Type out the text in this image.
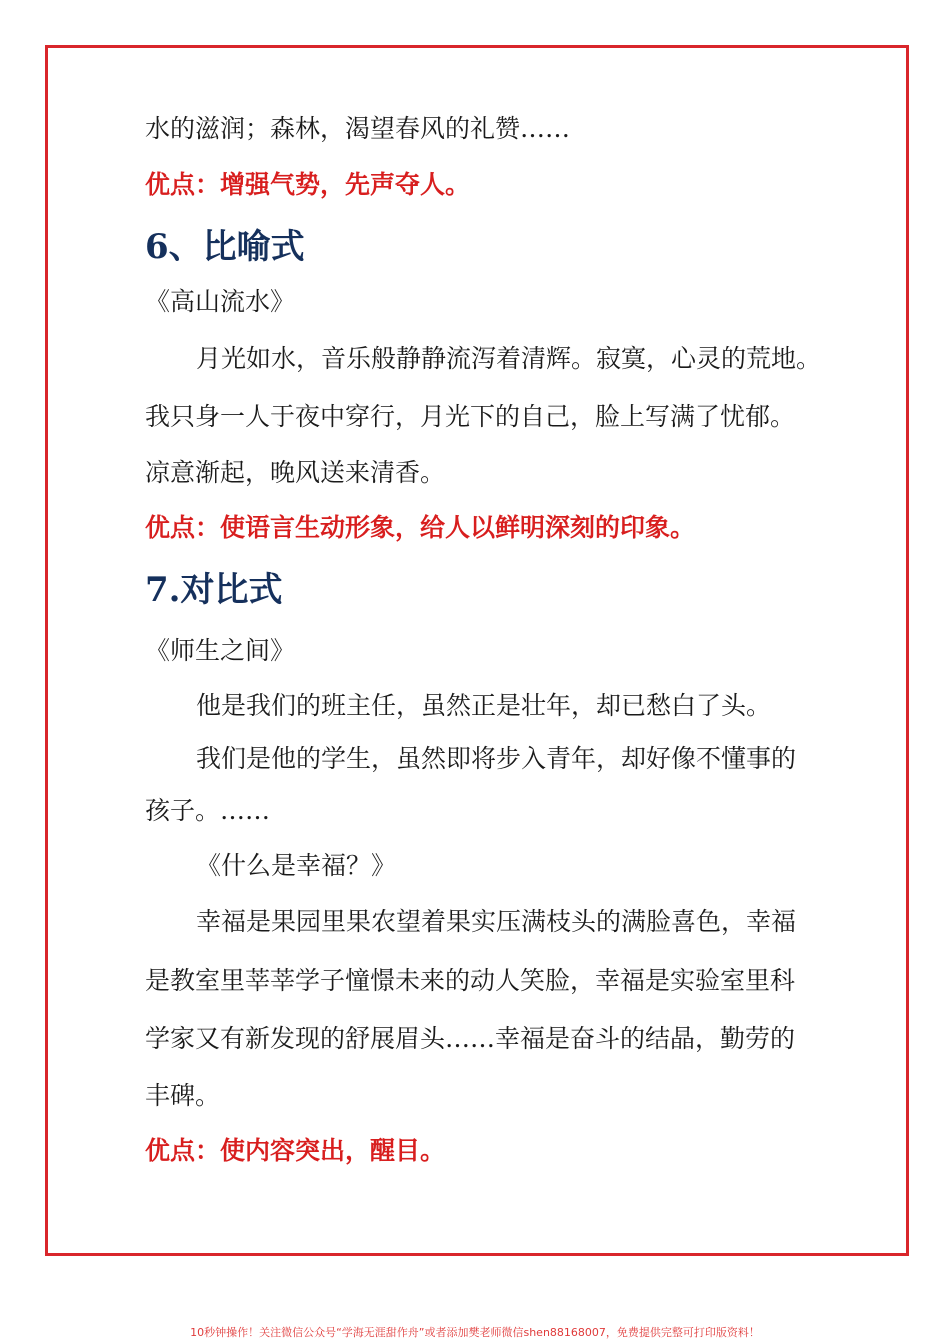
水的滋润；森林，渴望春风的礼赞……
优点：增强气势，先声夺人。
6、比喻式
《高山流水》
月光如水，音乐般静静流泻着清辉。寂寞，心灵的荒地。
我只身一人于夜中穿行，月光下的自己，脸上写满了忧郁。
凉意渐起，晚风送来清香。
优点：使语言生动形象，给人以鲜明深刻的印象。
7.对比式
《师生之间》
他是我们的班主任，虽然正是壮年，却已愁白了头。
我们是他的学生，虽然即将步入青年，却好像不懂事的
孩子。……
《什么是幸福？》
幸福是果园里果农望着果实压满枝头的满脸喜色，幸福
是教室里莘莘学子憧憬未来的动人笑脸，幸福是实验室里科
学家又有新发现的舒展眉头……幸福是奋斗的结晶，勤劳的
丰碑。
优点：使内容突出，醒目。
10秒钟操作！关注微信公众号“学海无涯甜作舟”或者添加樊老师微信shen88168007，免费提供完整可打印版资料！
